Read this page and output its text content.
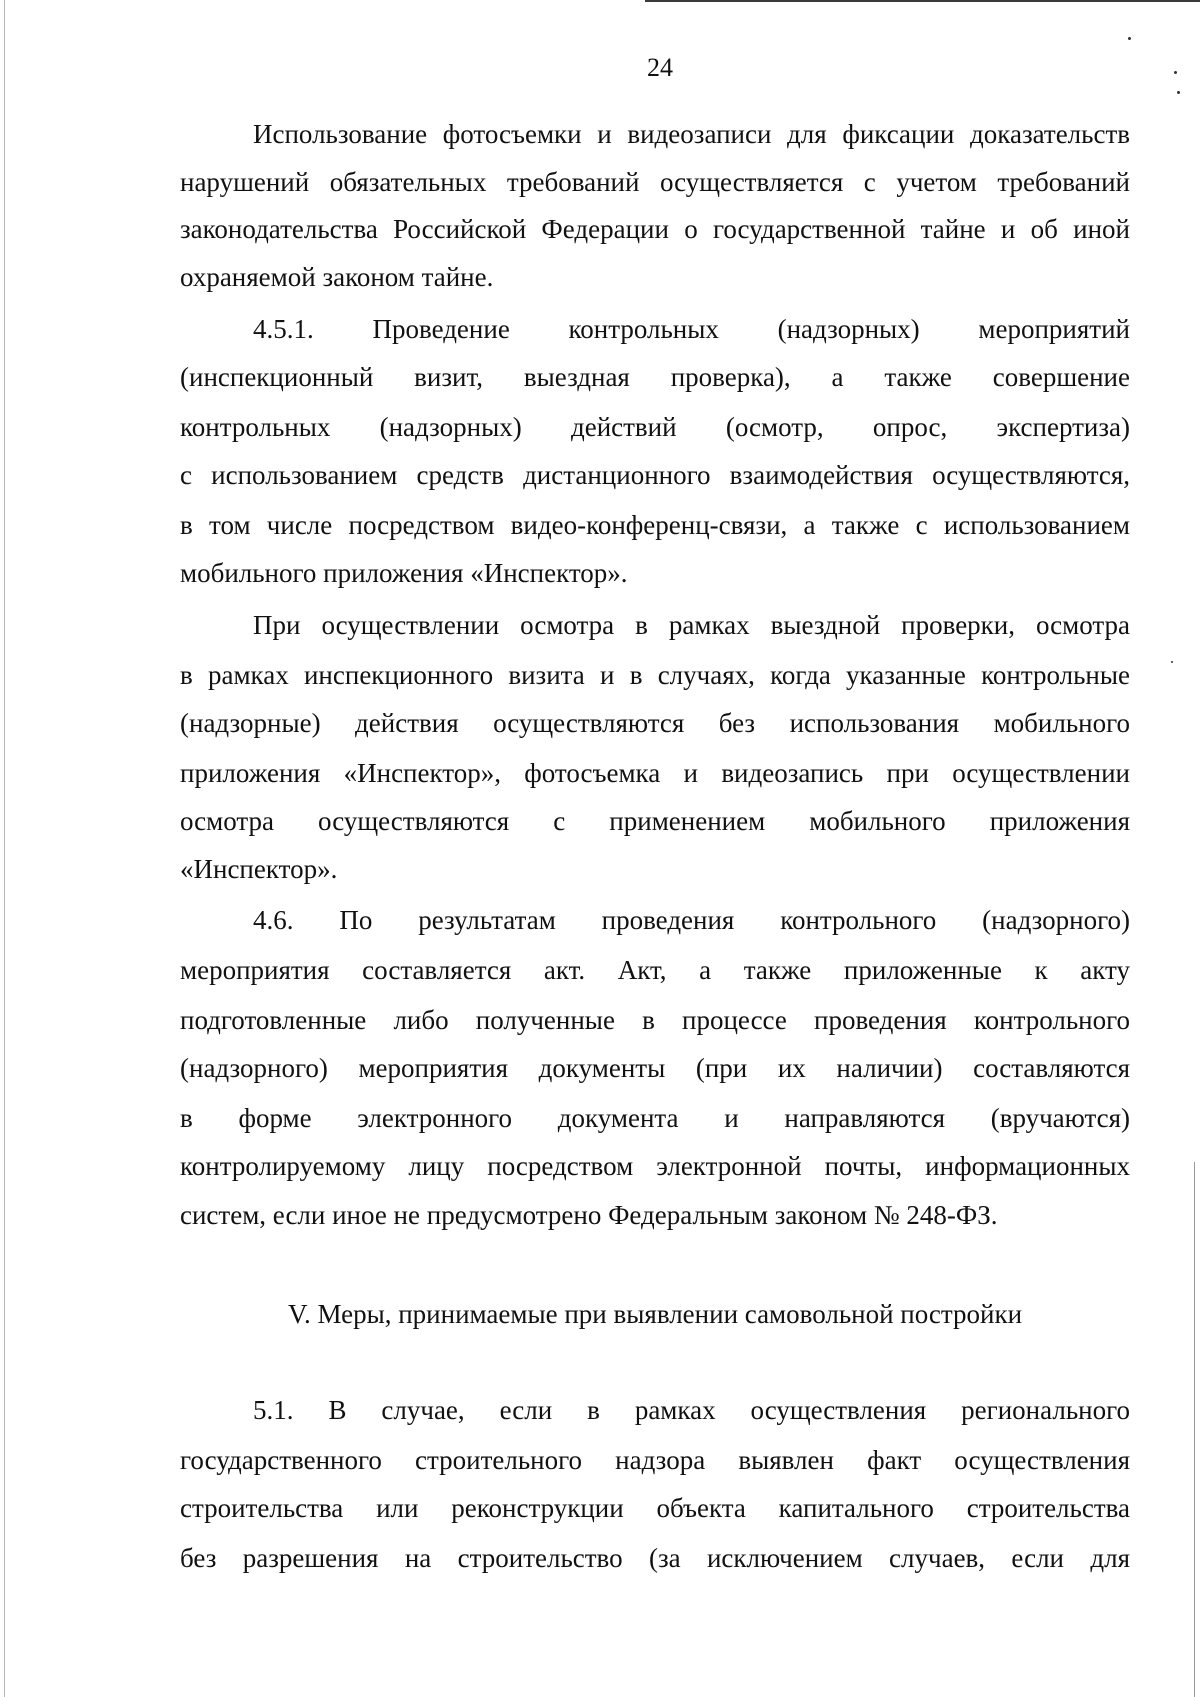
24
Использование фотосъемки и видеозаписи для фиксации доказательств
нарушений обязательных требований осуществляется с учетом требований
законодательства Российской Федерации о государственной тайне и об иной
охраняемой законом тайне.
4.5.1. Проведение контрольных (надзорных) мероприятий
(инспекционный визит, выездная проверка), а также совершение
контрольных (надзорных) действий (осмотр, опрос, экспертиза)
с использованием средств дистанционного взаимодействия осуществляются,
в том числе посредством видео-конференц-связи, а также с использованием
мобильного приложения «Инспектор».
При осуществлении осмотра в рамках выездной проверки, осмотра
в рамках инспекционного визита и в случаях, когда указанные контрольные
(надзорные) действия осуществляются без использования мобильного
приложения «Инспектор», фотосъемка и видеозапись при осуществлении
осмотра осуществляются с применением мобильного приложения
«Инспектор».
4.6. По результатам проведения контрольного (надзорного)
мероприятия составляется акт. Акт, а также приложенные к акту
подготовленные либо полученные в процессе проведения контрольного
(надзорного) мероприятия документы (при их наличии) составляются
в форме электронного документа и направляются (вручаются)
контролируемому лицу посредством электронной почты, информационных
систем, если иное не предусмотрено Федеральным законом № 248-ФЗ.
V. Меры, принимаемые при выявлении самовольной постройки
5.1. В случае, если в рамках осуществления регионального
государственного строительного надзора выявлен факт осуществления
строительства или реконструкции объекта капитального строительства
без разрешения на строительство (за исключением случаев, если для
